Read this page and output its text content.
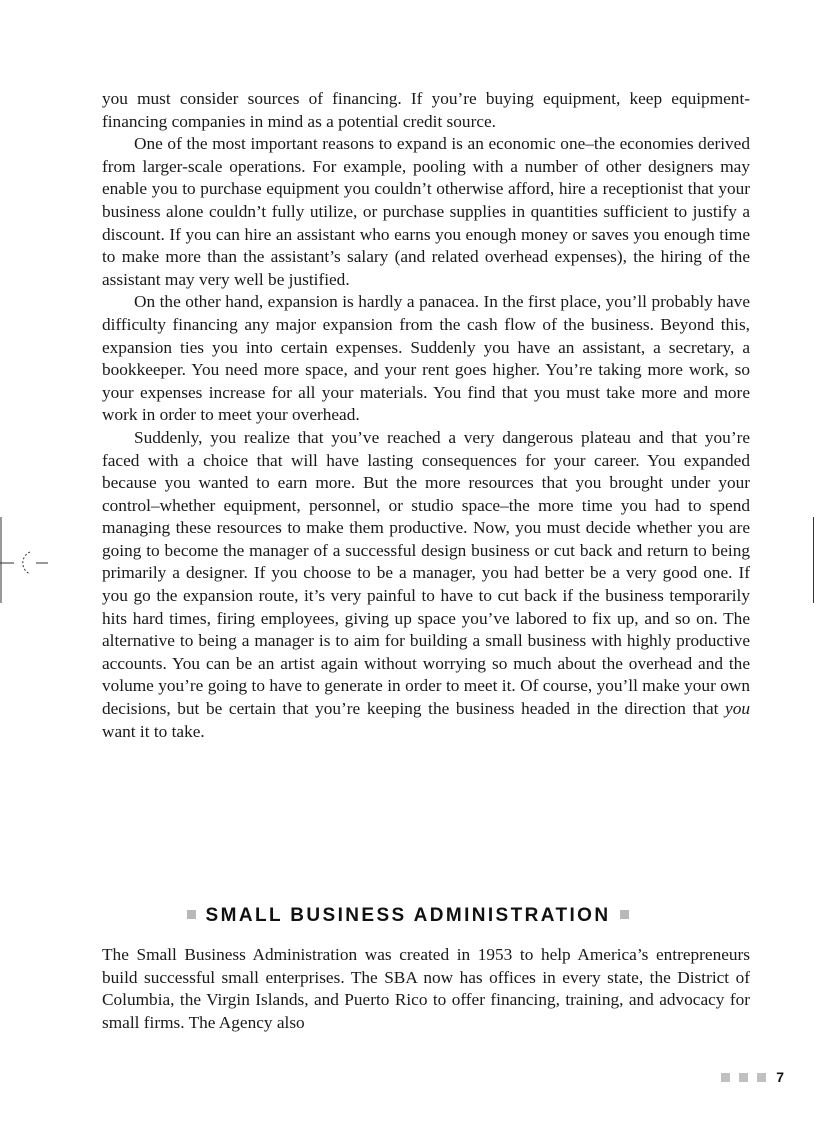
you must consider sources of financing. If you’re buying equipment, keep equipment-financing companies in mind as a potential credit source.

One of the most important reasons to expand is an economic one–the economies derived from larger-scale operations. For example, pooling with a number of other designers may enable you to purchase equipment you couldn’t otherwise afford, hire a receptionist that your business alone couldn’t fully utilize, or purchase supplies in quantities sufficient to justify a discount. If you can hire an assistant who earns you enough money or saves you enough time to make more than the assistant’s salary (and related overhead expenses), the hiring of the assistant may very well be justified.

On the other hand, expansion is hardly a panacea. In the first place, you’ll probably have difficulty financing any major expansion from the cash flow of the business. Beyond this, expansion ties you into certain expenses. Suddenly you have an assistant, a secretary, a bookkeeper. You need more space, and your rent goes higher. You’re taking more work, so your expenses increase for all your materials. You find that you must take more and more work in order to meet your overhead.

Suddenly, you realize that you’ve reached a very dangerous plateau and that you’re faced with a choice that will have lasting consequences for your career. You expanded because you wanted to earn more. But the more resources that you brought under your control–whether equipment, personnel, or studio space–the more time you had to spend managing these resources to make them productive. Now, you must decide whether you are going to become the manager of a successful design business or cut back and return to being primarily a designer. If you choose to be a manager, you had better be a very good one. If you go the expansion route, it’s very painful to have to cut back if the business temporarily hits hard times, firing employees, giving up space you’ve labored to fix up, and so on. The alternative to being a manager is to aim for building a small business with highly productive accounts. You can be an artist again without worrying so much about the overhead and the volume you’re going to have to generate in order to meet it. Of course, you’ll make your own decisions, but be certain that you’re keeping the business headed in the direction that you want it to take.

SMALL BUSINESS ADMINISTRATION

The Small Business Administration was created in 1953 to help America’s entrepreneurs build successful small enterprises. The SBA now has offices in every state, the District of Columbia, the Virgin Islands, and Puerto Rico to offer financing, training, and advocacy for small firms. The Agency also

7
